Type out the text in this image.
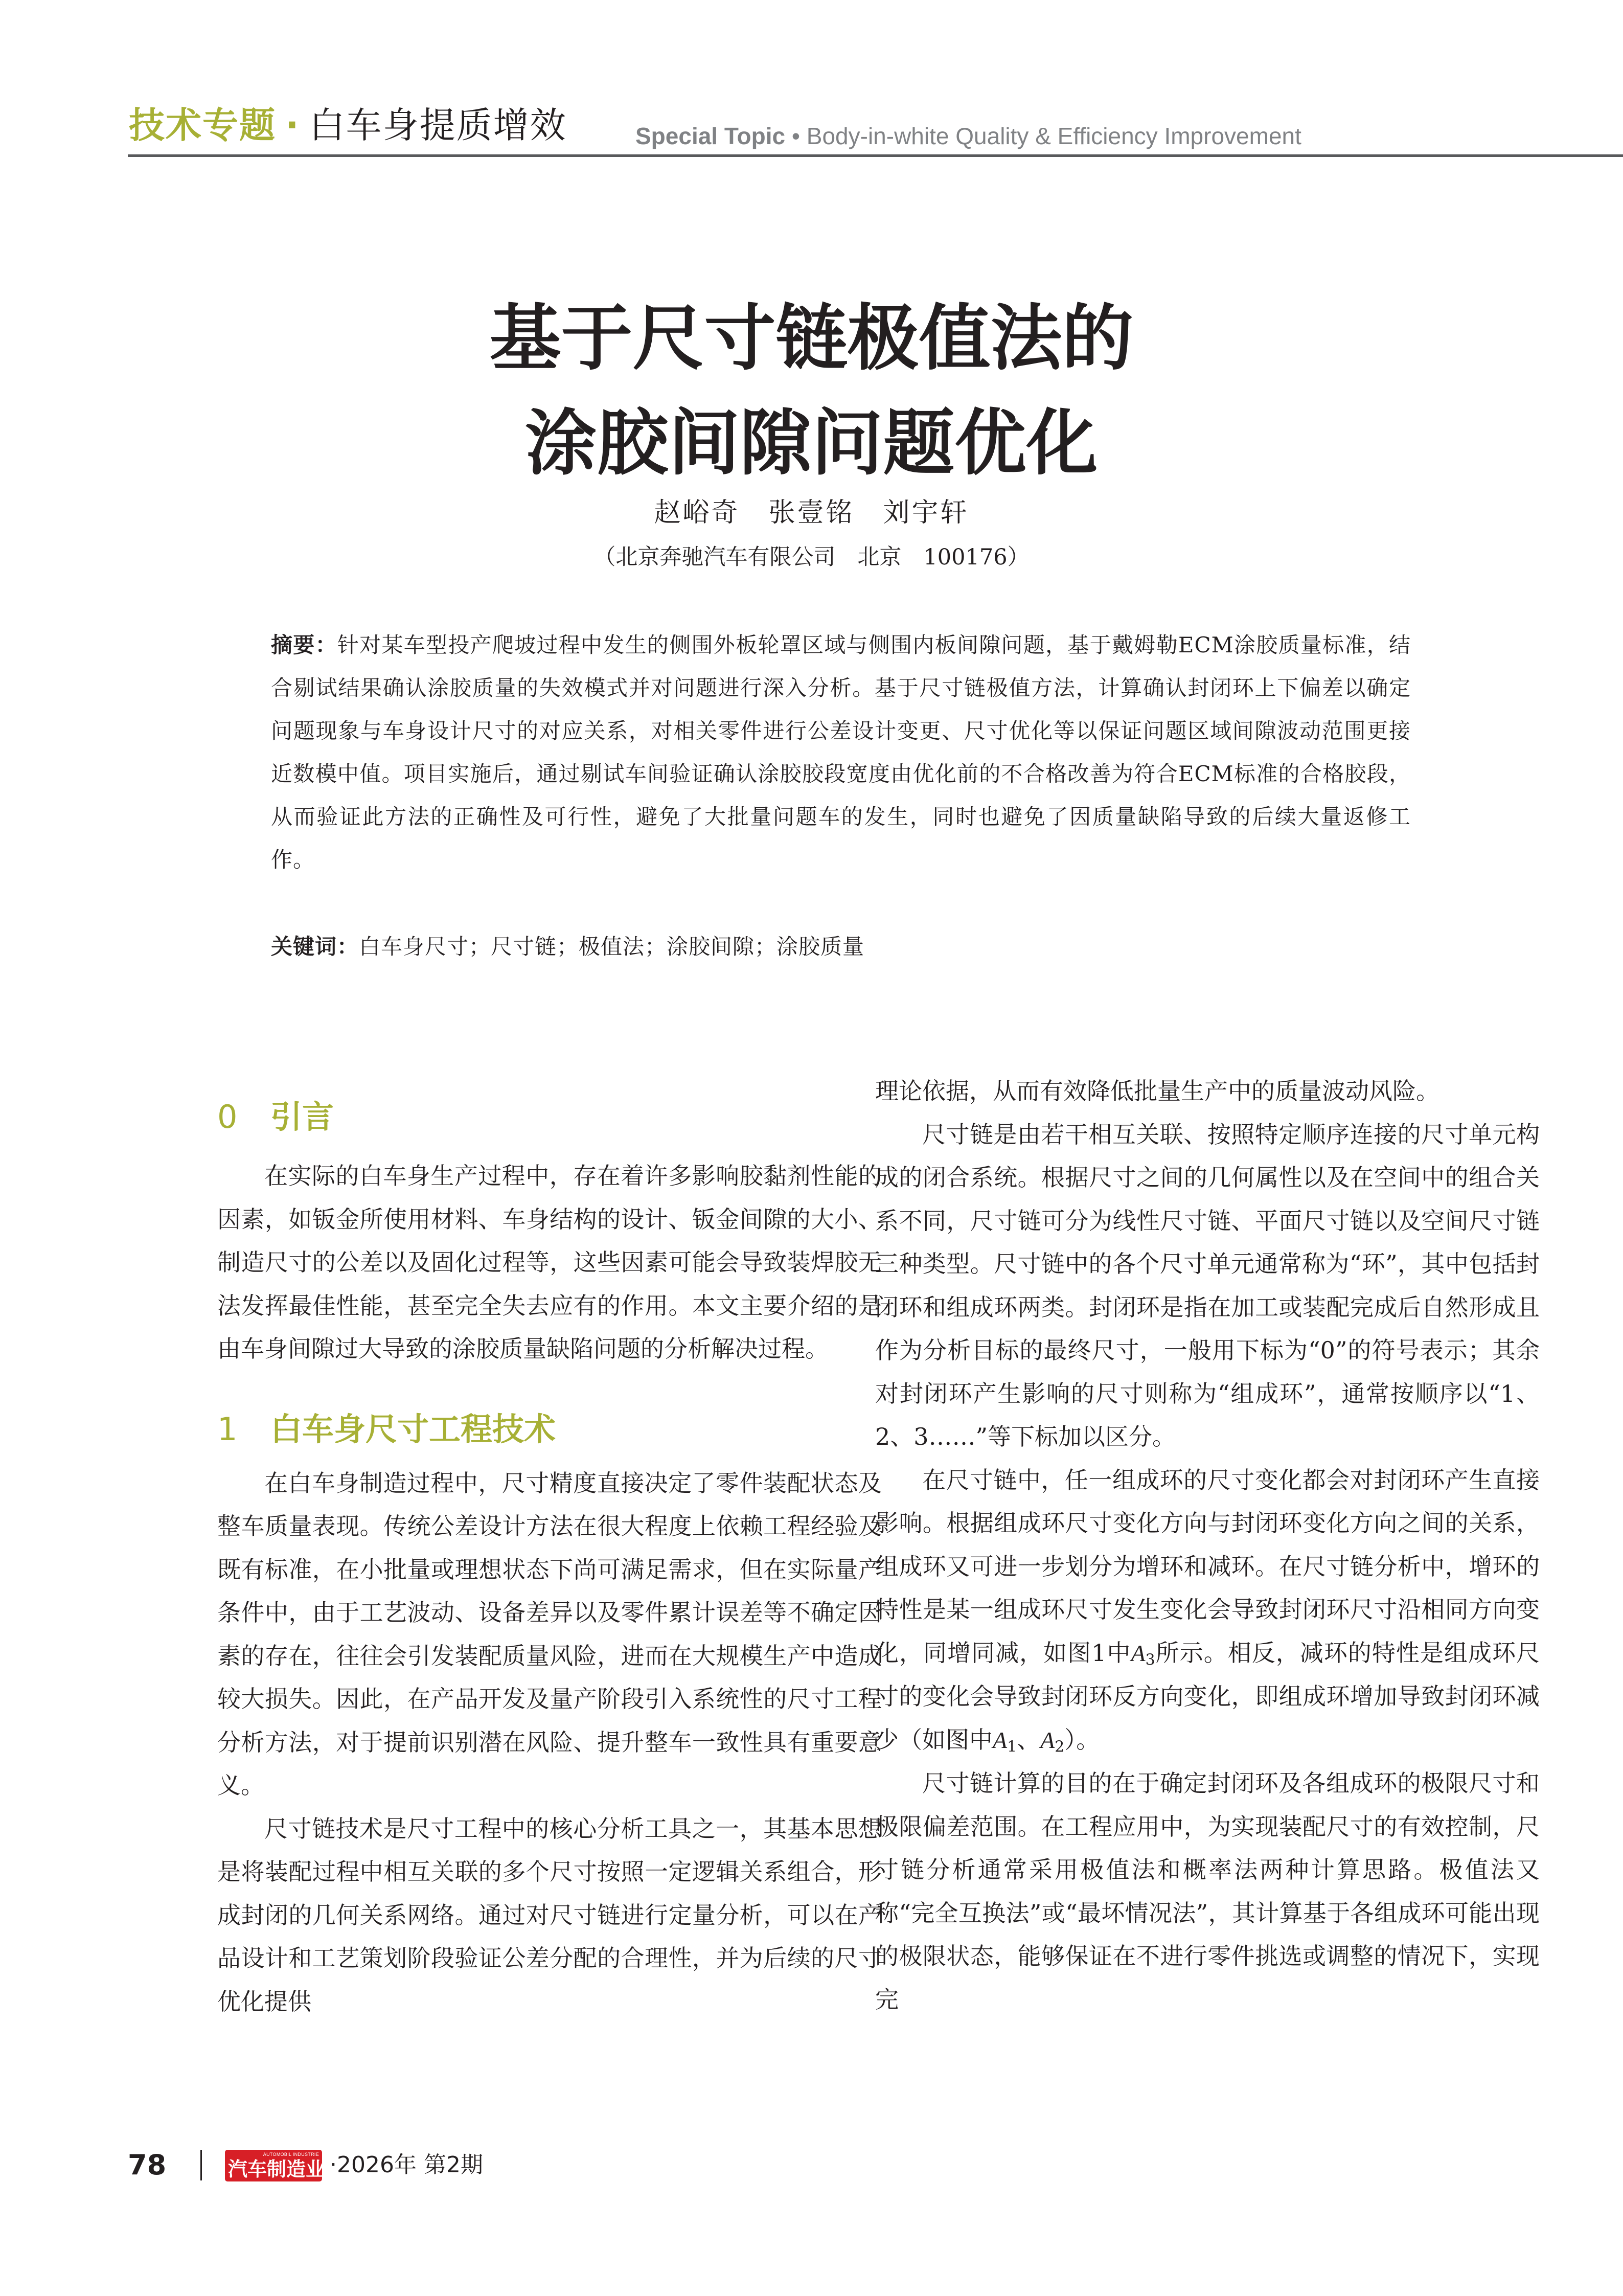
技术专题 · 白车身提质增效	Special Topic • Body-in-white Quality & Efficiency Improvement
基于尺寸链极值法的
涂胶间隙问题优化
赵峪奇　张壹铭　刘宇轩
（北京奔驰汽车有限公司　北京　100176）
摘要：针对某车型投产爬坡过程中发生的侧围外板轮罩区域与侧围内板间隙问题，基于戴姆勒ECM涂胶质量标准，结合剔试结果确认涂胶质量的失效模式并对问题进行深入分析。基于尺寸链极值方法，计算确认封闭环上下偏差以确定问题现象与车身设计尺寸的对应关系，对相关零件进行公差设计变更、尺寸优化等以保证问题区域间隙波动范围更接近数模中值。项目实施后，通过剔试车间验证确认涂胶胶段宽度由优化前的不合格改善为符合ECM标准的合格胶段，从而验证此方法的正确性及可行性，避免了大批量问题车的发生，同时也避免了因质量缺陷导致的后续大量返修工作。
关键词：白车身尺寸；尺寸链；极值法；涂胶间隙；涂胶质量
0 引言

在实际的白车身生产过程中，存在着许多影响胶黏剂性能的因素，如钣金所使用材料、车身结构的设计、钣金间隙的大小、制造尺寸的公差以及固化过程等，这些因素可能会导致装焊胶无法发挥最佳性能，甚至完全失去应有的作用。本文主要介绍的是由车身间隙过大导致的涂胶质量缺陷问题的分析解决过程。

1 白车身尺寸工程技术

在白车身制造过程中，尺寸精度直接决定了零件装配状态及整车质量表现。传统公差设计方法在很大程度上依赖工程经验及既有标准，在小批量或理想状态下尚可满足需求，但在实际量产条件中，由于工艺波动、设备差异以及零件累计误差等不确定因素的存在，往往会引发装配质量风险，进而在大规模生产中造成较大损失。因此，在产品开发及量产阶段引入系统性的尺寸工程分析方法，对于提前识别潜在风险、提升整车一致性具有重要意义。

尺寸链技术是尺寸工程中的核心分析工具之一，其基本思想是将装配过程中相互关联的多个尺寸按照一定逻辑关系组合，形成封闭的几何关系网络。通过对尺寸链进行定量分析，可以在产品设计和工艺策划阶段验证公差分配的合理性，并为后续的尺寸优化提供

理论依据，从而有效降低批量生产中的质量波动风险。

尺寸链是由若干相互关联、按照特定顺序连接的尺寸单元构成的闭合系统。根据尺寸之间的几何属性以及在空间中的组合关系不同，尺寸链可分为线性尺寸链、平面尺寸链以及空间尺寸链三种类型。尺寸链中的各个尺寸单元通常称为“环”，其中包括封闭环和组成环两类。封闭环是指在加工或装配完成后自然形成且作为分析目标的最终尺寸，一般用下标为“0”的符号表示；其余对封闭环产生影响的尺寸则称为“组成环”，通常按顺序以“1、2、3……”等下标加以区分。

在尺寸链中，任一组成环的尺寸变化都会对封闭环产生直接影响。根据组成环尺寸变化方向与封闭环变化方向之间的关系，组成环又可进一步划分为增环和减环。在尺寸链分析中，增环的特性是某一组成环尺寸发生变化会导致封闭环尺寸沿相同方向变化，同增同减，如图1中$A_3$所示。相反，减环的特性是组成环尺寸的变化会导致封闭环反方向变化，即组成环增加导致封闭环减少（如图中$A_1$、$A_2$）。

尺寸链计算的目的在于确定封闭环及各组成环的极限尺寸和极限偏差范围。在工程应用中，为实现装配尺寸的有效控制，尺寸链分析通常采用极值法和概率法两种计算思路。极值法又称“完全互换法”或“最坏情况法”，其计算基于各组成环可能出现的极限状态，能够保证在不进行零件挑选或调整的情况下，实现完

78	AUTOMOBIL INDUSTRIE
汽车制造业 ·2026年 第2期
